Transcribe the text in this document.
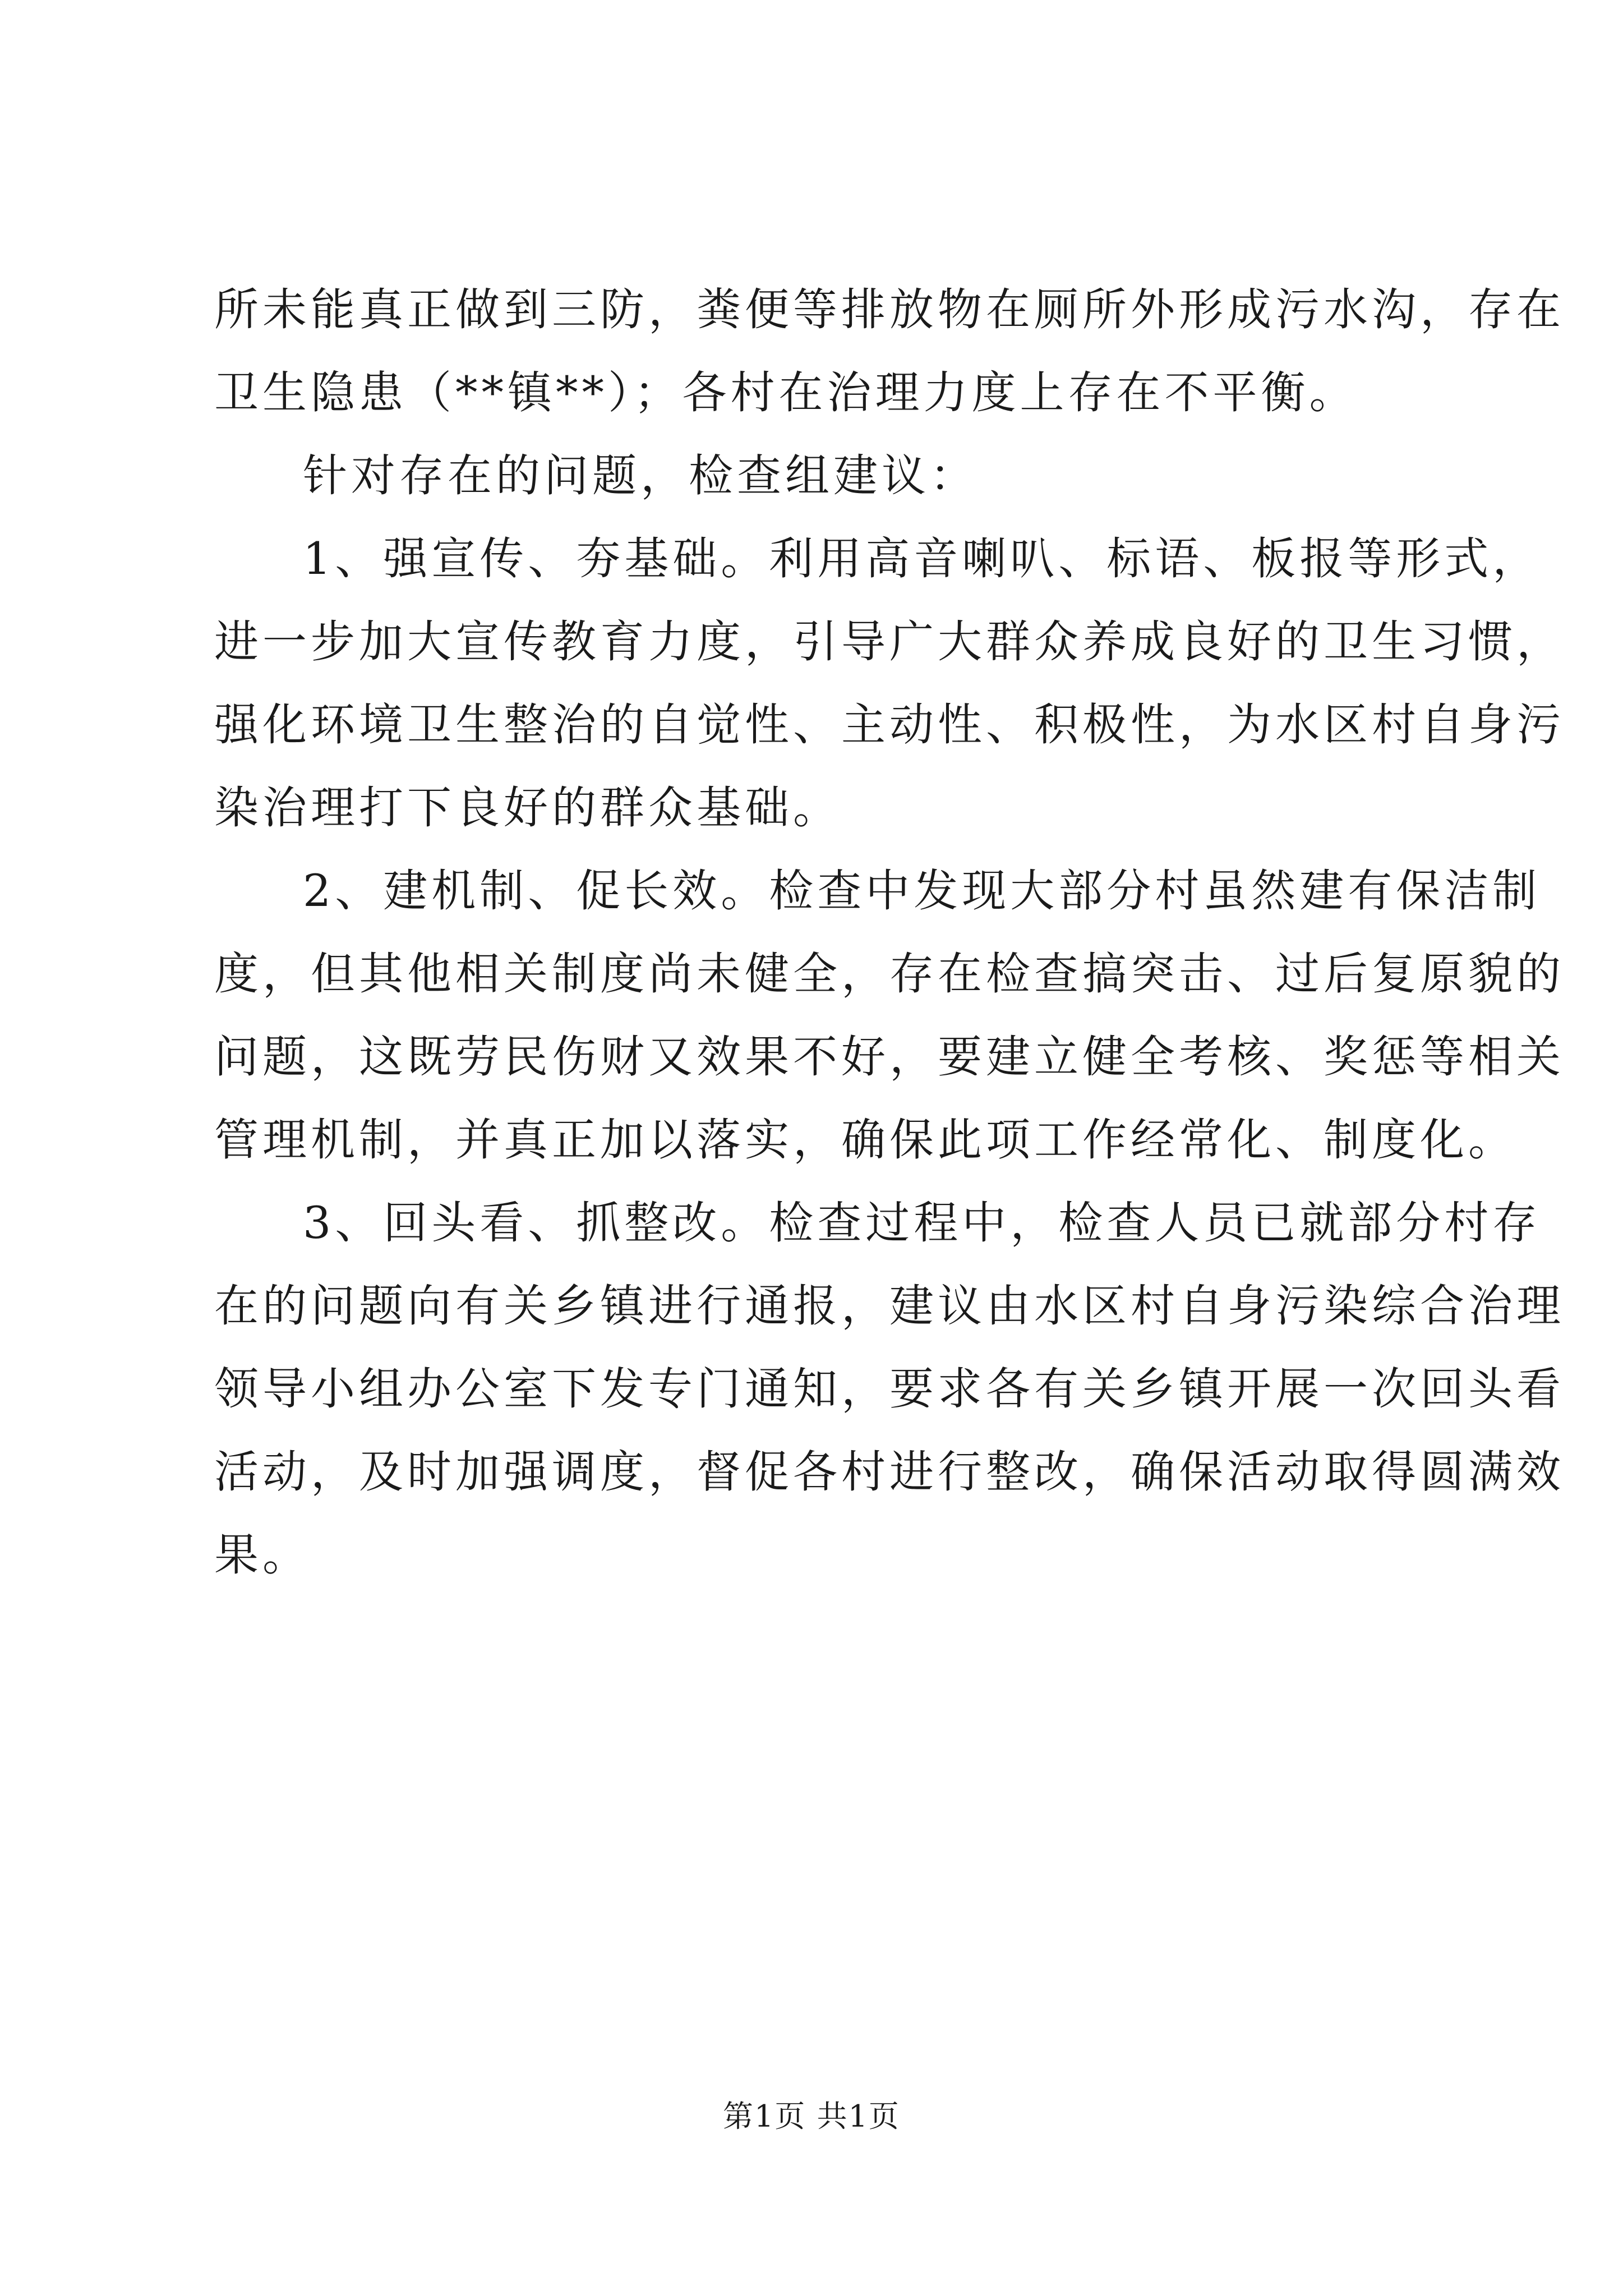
所未能真正做到三防，粪便等排放物在厕所外形成污水沟，存在
卫生隐患（**镇**）；各村在治理力度上存在不平衡。

针对存在的问题，检查组建议：

1、强宣传、夯基础。利用高音喇叭、标语、板报等形式，
进一步加大宣传教育力度，引导广大群众养成良好的卫生习惯，
强化环境卫生整治的自觉性、主动性、积极性，为水区村自身污
染治理打下良好的群众基础。

2、建机制、促长效。检查中发现大部分村虽然建有保洁制
度，但其他相关制度尚未健全，存在检查搞突击、过后复原貌的
问题，这既劳民伤财又效果不好，要建立健全考核、奖惩等相关
管理机制，并真正加以落实，确保此项工作经常化、制度化。

3、回头看、抓整改。检查过程中，检查人员已就部分村存
在的问题向有关乡镇进行通报，建议由水区村自身污染综合治理
领导小组办公室下发专门通知，要求各有关乡镇开展一次回头看
活动，及时加强调度，督促各村进行整改，确保活动取得圆满效
果。

第1页 共1页
